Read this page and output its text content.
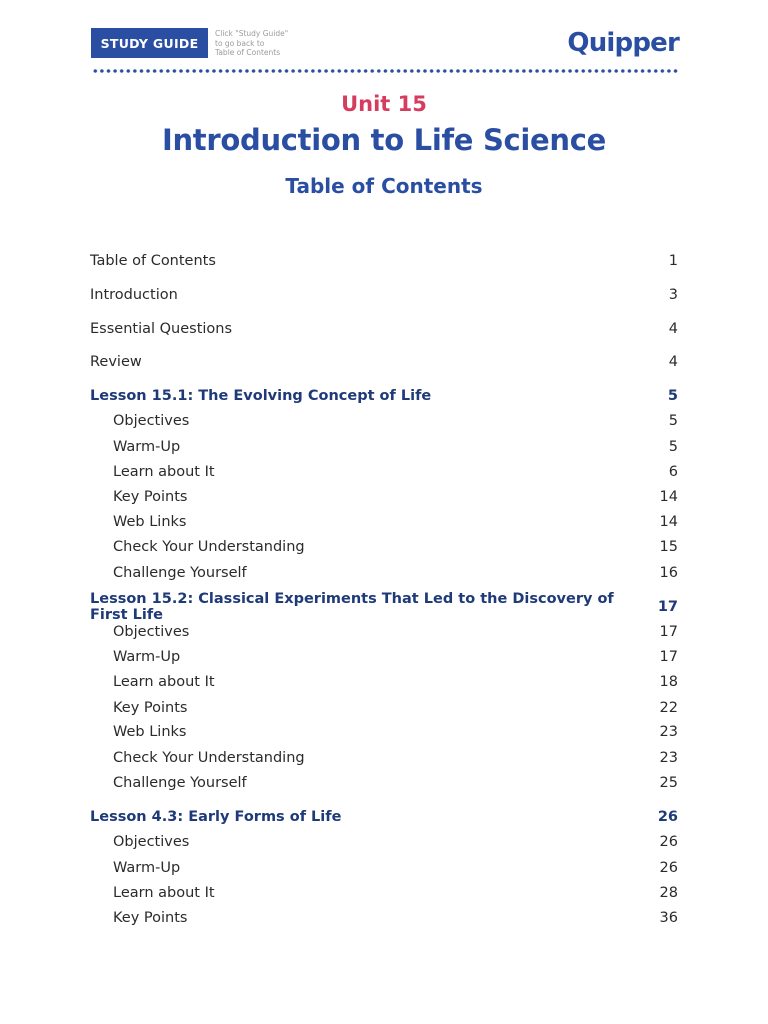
STUDY GUIDE
Click "Study Guide"
to go back to
Table of Contents	Quipper
Unit 15
Introduction to Life Science
Table of Contents
Table of Contents	1
Introduction	3
Essential Questions	4
Review	4
Lesson 15.1: The Evolving Concept of Life	5
Objectives	5
Warm-Up	5
Learn about It	6
Key Points	14
Web Links	14
Check Your Understanding	15
Challenge Yourself	16
Lesson 15.2: Classical Experiments That Led to the Discovery of First Life	17
Objectives	17
Warm-Up	17
Learn about It	18
Key Points	22
Web Links	23
Check Your Understanding	23
Challenge Yourself	25
Lesson 4.3: Early Forms of Life	26
Objectives	26
Warm-Up	26
Learn about It	28
Key Points	36
